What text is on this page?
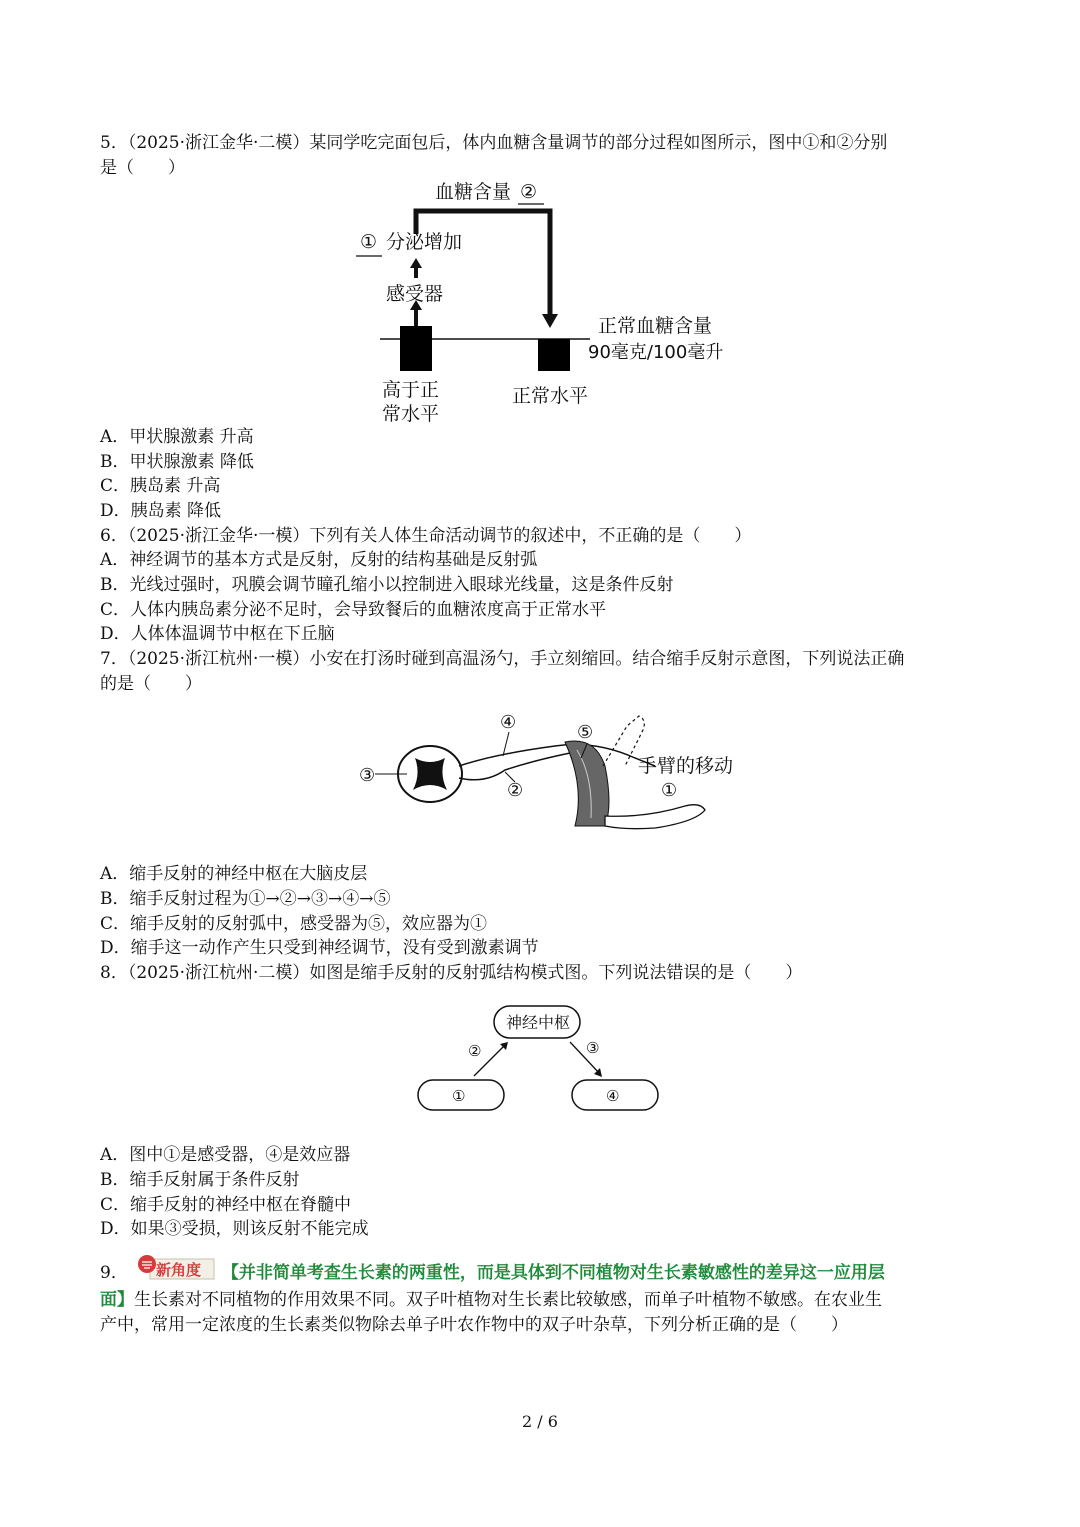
5．（2025·浙江金华·二模）某同学吃完面包后，体内血糖含量调节的部分过程如图所示，图中①和②分别
是（　　）
血糖含量 ②
① 分泌增加
感受器
正常血糖含量
90毫克/100毫升
高于正
常水平
正常水平
A．甲状腺激素 升高
B．甲状腺激素 降低
C．胰岛素 升高
D．胰岛素 降低
6．（2025·浙江金华·一模）下列有关人体生命活动调节的叙述中，不正确的是（　　）
A．神经调节的基本方式是反射，反射的结构基础是反射弧
B．光线过强时，巩膜会调节瞳孔缩小以控制进入眼球光线量，这是条件反射
C．人体内胰岛素分泌不足时，会导致餐后的血糖浓度高于正常水平
D．人体体温调节中枢在下丘脑
7．（2025·浙江杭州·一模）小安在打汤时碰到高温汤勺，手立刻缩回。结合缩手反射示意图，下列说法正确
的是（　　）
③
④
②
⑤
①
手臂的移动
A．缩手反射的神经中枢在大脑皮层
B．缩手反射过程为①→②→③→④→⑤
C．缩手反射的反射弧中，感受器为⑤，效应器为①
D．缩手这一动作产生只受到神经调节，没有受到激素调节
8．（2025·浙江杭州·二模）如图是缩手反射的反射弧结构模式图。下列说法错误的是（　　）
神经中枢
①
②	③
④
A．图中①是感受器，④是效应器
B．缩手反射属于条件反射
C．缩手反射的神经中枢在脊髓中
D．如果③受损，则该反射不能完成
9． 新角度 【并非简单考查生长素的两重性，而是具体到不同植物对生长素敏感性的差异这一应用层
面】生长素对不同植物的作用效果不同。双子叶植物对生长素比较敏感，而单子叶植物不敏感。在农业生
产中，常用一定浓度的生长素类似物除去单子叶农作物中的双子叶杂草，下列分析正确的是（　　）
2 / 6
